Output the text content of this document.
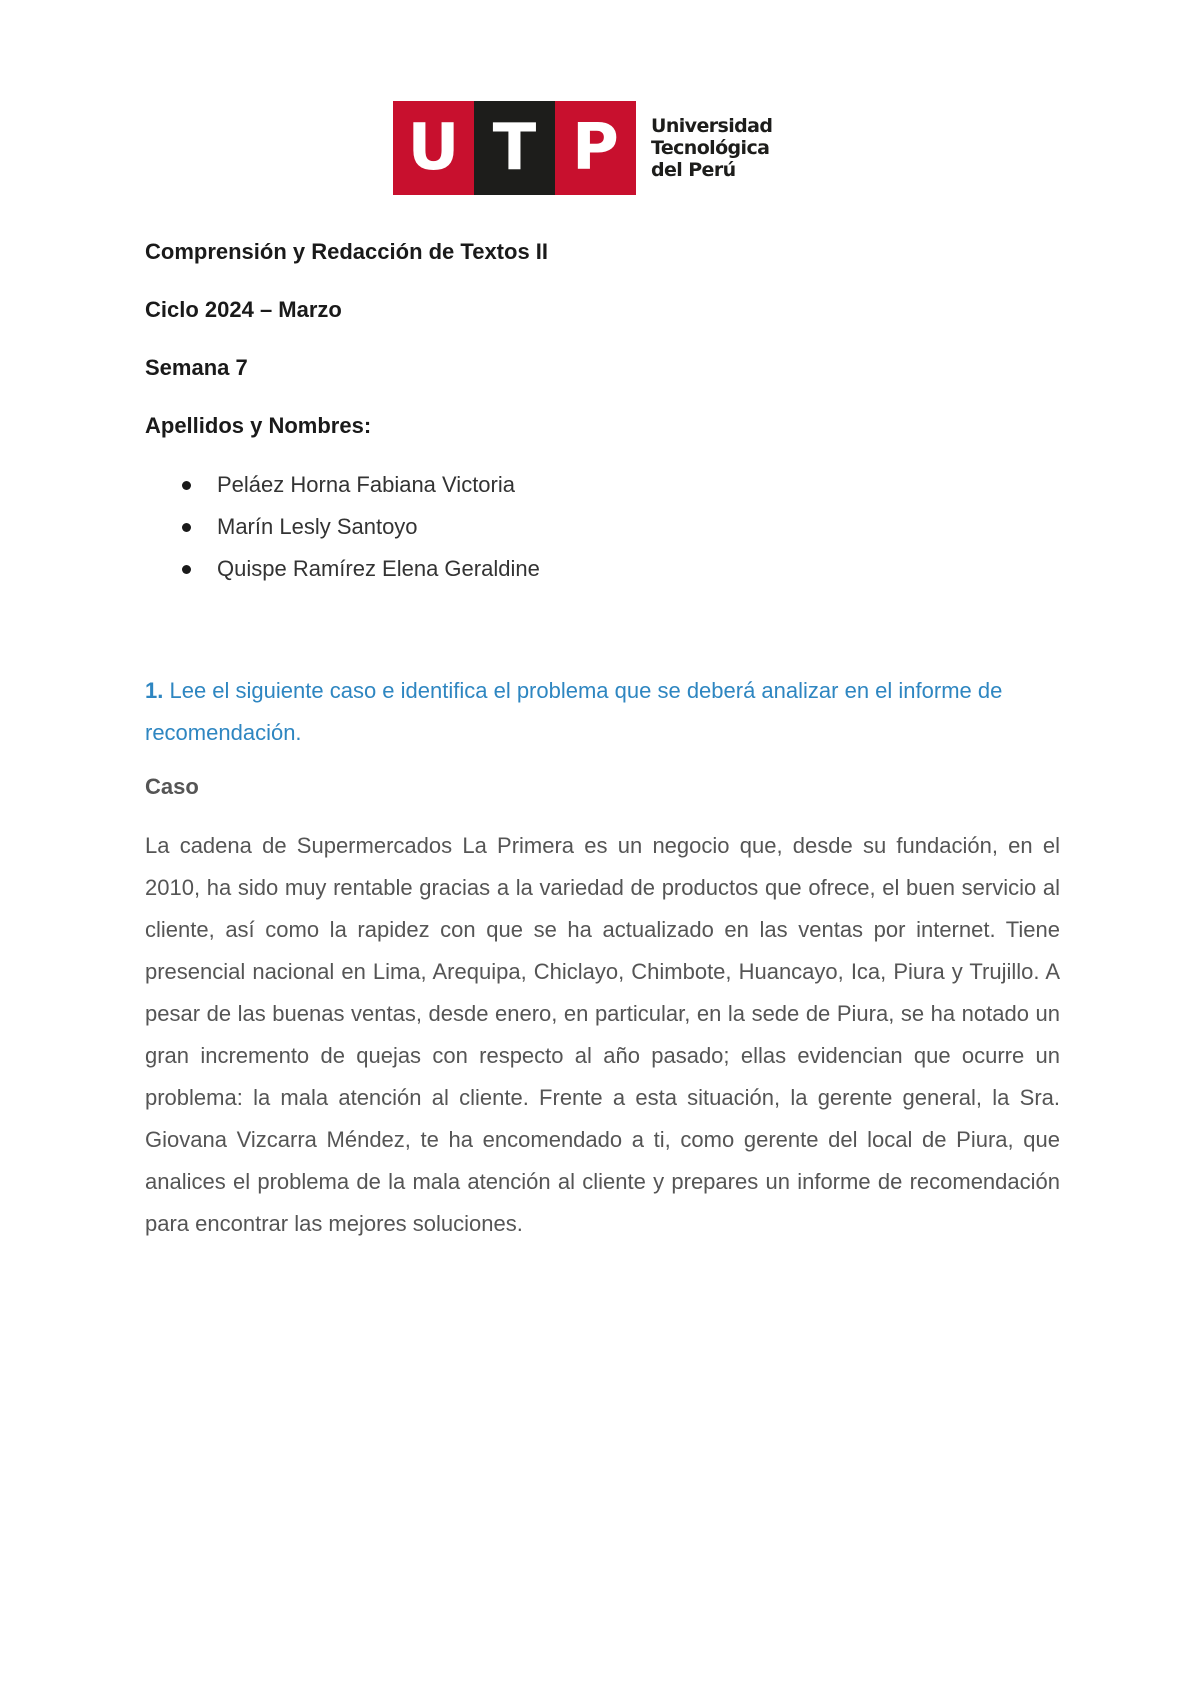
U T P	Universidad
Tecnológica
del Perú

Comprensión y Redacción de Textos II

Ciclo 2024 – Marzo

Semana 7

Apellidos y Nombres:

Peláez Horna Fabiana Victoria
Marín Lesly Santoyo
Quispe Ramírez Elena Geraldine

1. Lee el siguiente caso e identifica el problema que se deberá analizar en el informe de recomendación.

Caso

La cadena de Supermercados La Primera es un negocio que, desde su fundación, en el 2010, ha sido muy rentable gracias a la variedad de productos que ofrece, el buen servicio al cliente, así como la rapidez con que se ha actualizado en las ventas por internet. Tiene presencial nacional en Lima, Arequipa, Chiclayo, Chimbote, Huancayo, Ica, Piura y Trujillo. A pesar de las buenas ventas, desde enero, en particular, en la sede de Piura, se ha notado un gran incremento de quejas con respecto al año pasado; ellas evidencian que ocurre un problema: la mala atención al cliente. Frente a esta situación, la gerente general, la Sra. Giovana Vizcarra Méndez, te ha encomendado a ti, como gerente del local de Piura, que analices el problema de la mala atención al cliente y prepares un informe de recomendación para encontrar las mejores soluciones.
